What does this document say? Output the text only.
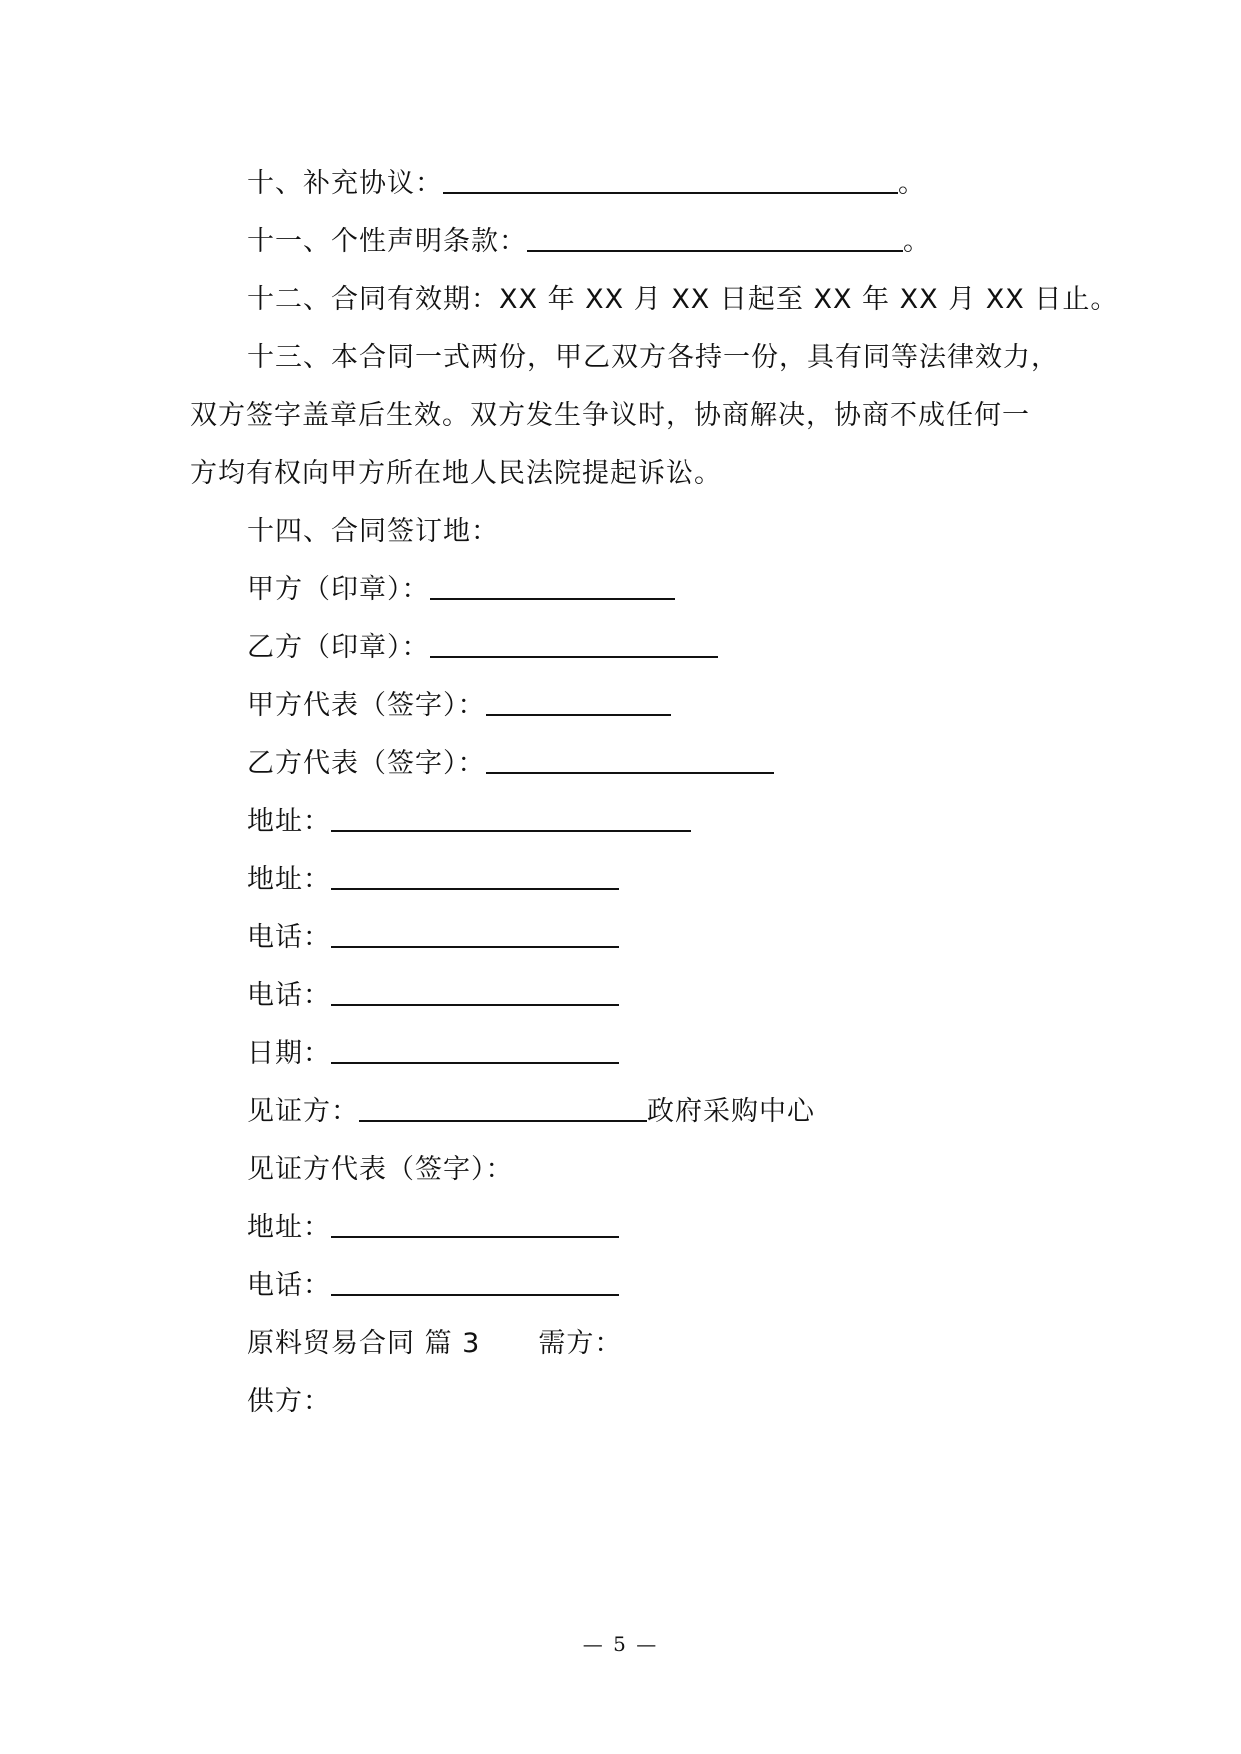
十、补充协议：	。
十一、个性声明条款：	。
十二、合同有效期：XX 年 XX 月 XX 日起至 XX 年 XX 月 XX 日止。
十三、本合同一式两份，甲乙双方各持一份，具有同等法律效力，
双方签字盖章后生效。双方发生争议时，协商解决，协商不成任何一
方均有权向甲方所在地人民法院提起诉讼。
十四、合同签订地：
甲方（印章）：
乙方（印章）：
甲方代表（签字）：
乙方代表（签字）：
地址：
地址：
电话：
电话：
日期：
见证方：	政府采购中心
见证方代表（签字）：
地址：
电话：
原料贸易合同 篇 3 需方：
供方：
— 5 —
